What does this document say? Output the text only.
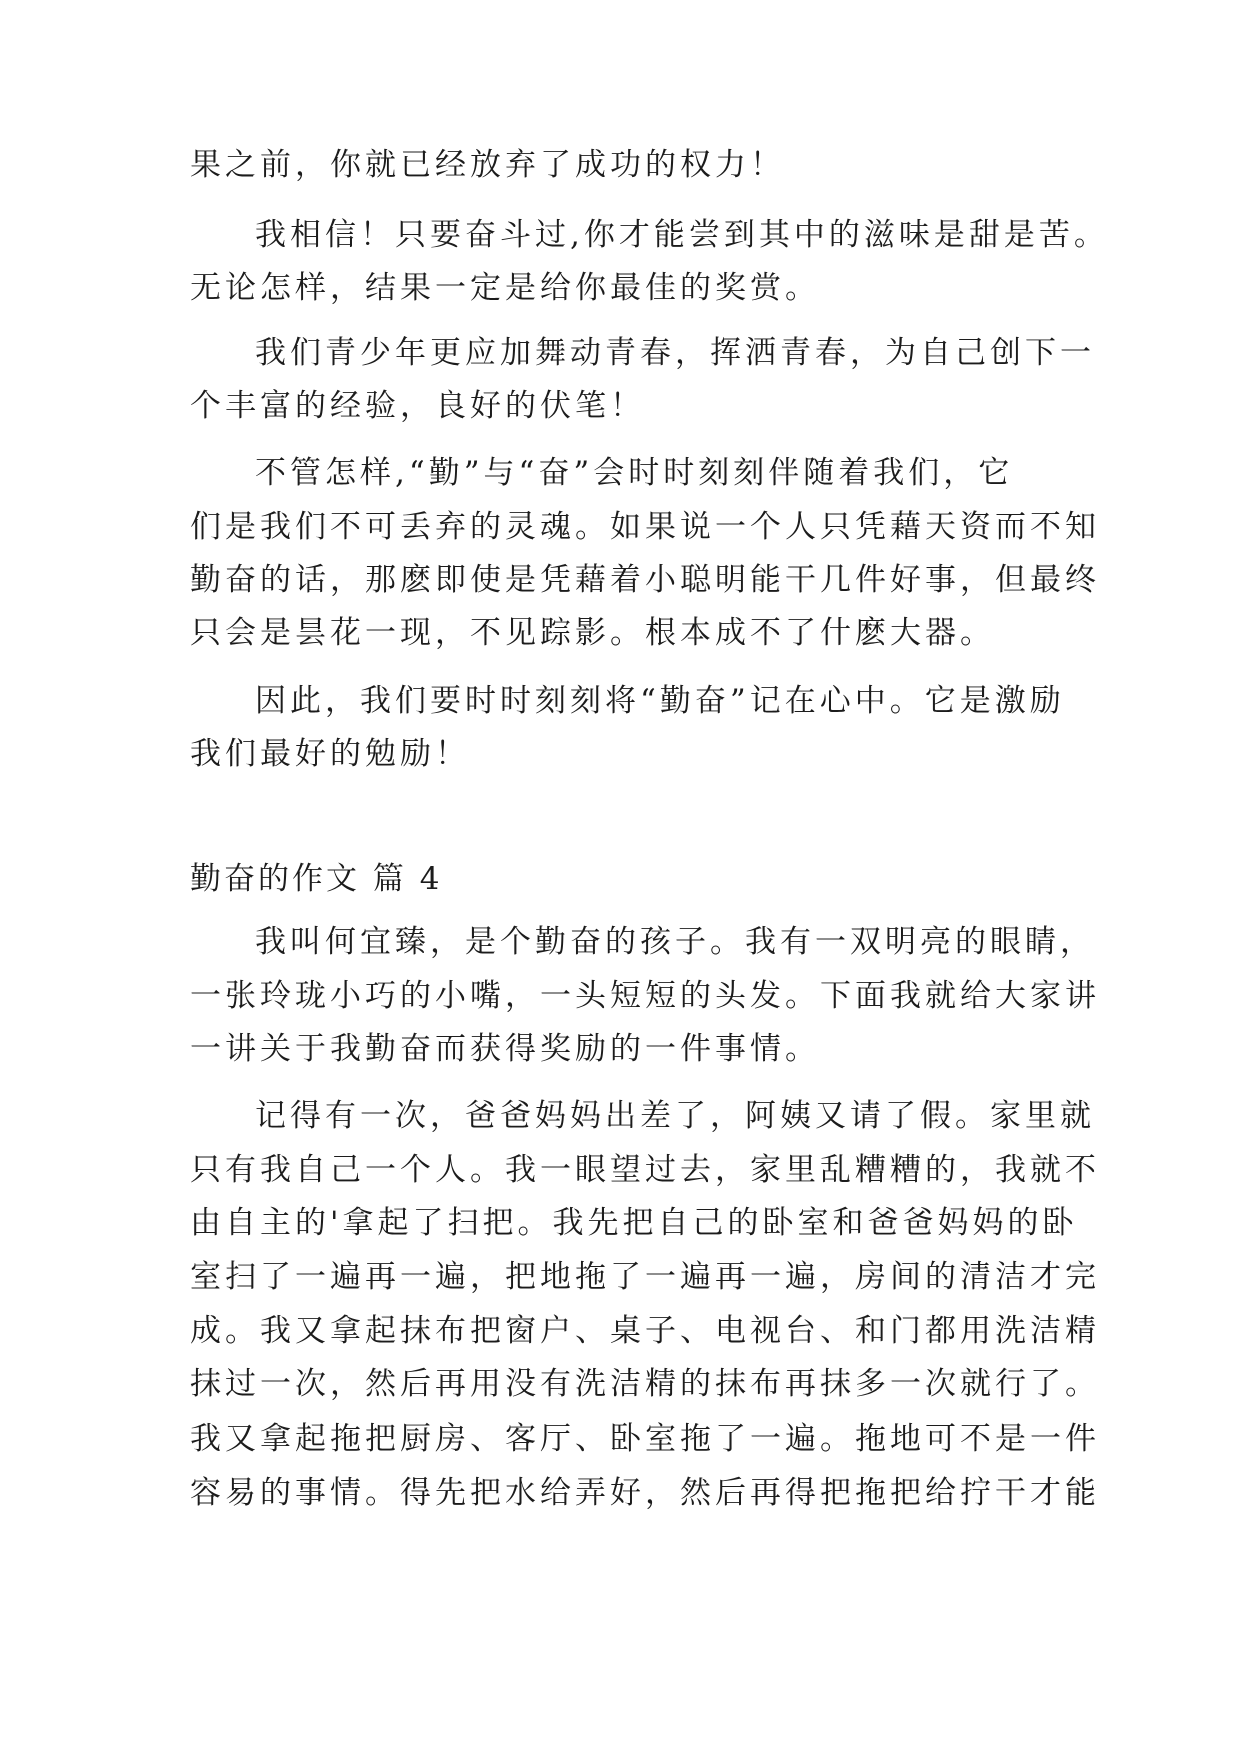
果之前，你就已经放弃了成功的权力！
我相信！只要奋斗过,你才能尝到其中的滋味是甜是苦。
无论怎样，结果一定是给你最佳的奖赏。
我们青少年更应加舞动青春，挥洒青春，为自己创下一
个丰富的经验，良好的伏笔！
不管怎样,“勤”与“奋”会时时刻刻伴随着我们，它
们是我们不可丢弃的灵魂。如果说一个人只凭藉天资而不知
勤奋的话，那麽即使是凭藉着小聪明能干几件好事，但最终
只会是昙花一现，不见踪影。根本成不了什麽大器。
因此，我们要时时刻刻将“勤奋”记在心中。它是激励
我们最好的勉励！
勤奋的作文 篇 4
我叫何宜臻，是个勤奋的孩子。我有一双明亮的眼睛，
一张玲珑小巧的小嘴，一头短短的头发。下面我就给大家讲
一讲关于我勤奋而获得奖励的一件事情。
记得有一次，爸爸妈妈出差了，阿姨又请了假。家里就
只有我自己一个人。我一眼望过去，家里乱糟糟的，我就不
由自主的'拿起了扫把。我先把自己的卧室和爸爸妈妈的卧
室扫了一遍再一遍，把地拖了一遍再一遍，房间的清洁才完
成。我又拿起抹布把窗户、桌子、电视台、和门都用洗洁精
抹过一次，然后再用没有洗洁精的抹布再抹多一次就行了。
我又拿起拖把厨房、客厅、卧室拖了一遍。拖地可不是一件
容易的事情。得先把水给弄好，然后再得把拖把给拧干才能
